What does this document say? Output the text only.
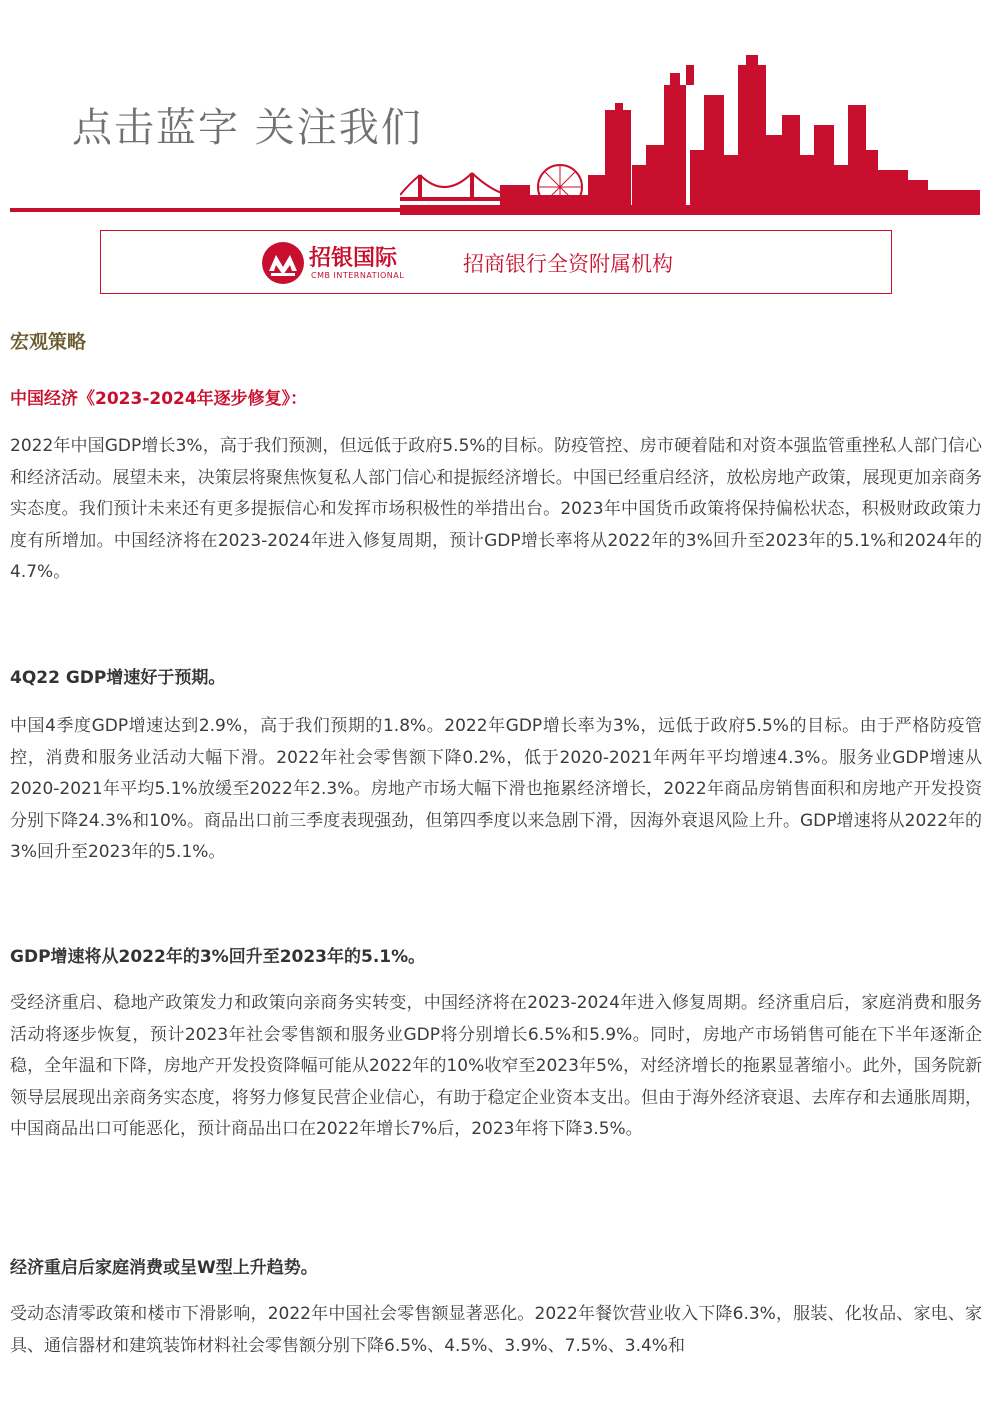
点击蓝字 关注我们
招银国际
CMB INTERNATIONAL	招商银行全资附属机构
宏观策略
中国经济《2023-2024年逐步修复》：

2022年中国GDP增长3%，高于我们预测，但远低于政府5.5%的目标。防疫管控、房市硬着陆和对资本强监管重挫私人部门信心和经济活动。展望未来，决策层将聚焦恢复私人部门信心和提振经济增长。中国已经重启经济，放松房地产政策，展现更加亲商务实态度。我们预计未来还有更多提振信心和发挥市场积极性的举措出台。2023年中国货币政策将保持偏松状态，积极财政政策力度有所增加。中国经济将在2023-2024年进入修复周期，预计GDP增长率将从2022年的3%回升至2023年的5.1%和2024年的4.7%。

4Q22 GDP增速好于预期。

中国4季度GDP增速达到2.9%，高于我们预期的1.8%。2022年GDP增长率为3%，远低于政府5.5%的目标。由于严格防疫管控，消费和服务业活动大幅下滑。2022年社会零售额下降0.2%，低于2020-2021年两年平均增速4.3%。服务业GDP增速从2020-2021年平均5.1%放缓至2022年2.3%。房地产市场大幅下滑也拖累经济增长，2022年商品房销售面积和房地产开发投资分别下降24.3%和10%。商品出口前三季度表现强劲，但第四季度以来急剧下滑，因海外衰退风险上升。GDP增速将从2022年的3%回升至2023年的5.1%。

GDP增速将从2022年的3%回升至2023年的5.1%。

受经济重启、稳地产政策发力和政策向亲商务实转变，中国经济将在2023-2024年进入修复周期。经济重启后，家庭消费和服务活动将逐步恢复，预计2023年社会零售额和服务业GDP将分别增长6.5%和5.9%。同时，房地产市场销售可能在下半年逐渐企稳，全年温和下降，房地产开发投资降幅可能从2022年的10%收窄至2023年5%，对经济增长的拖累显著缩小。此外，国务院新领导层展现出亲商务实态度，将努力修复民营企业信心，有助于稳定企业资本支出。但由于海外经济衰退、去库存和去通胀周期，中国商品出口可能恶化，预计商品出口在2022年增长7%后，2023年将下降3.5%。

经济重启后家庭消费或呈W型上升趋势。

受动态清零政策和楼市下滑影响，2022年中国社会零售额显著恶化。2022年餐饮营业收入下降6.3%，服装、化妆品、家电、家具、通信器材和建筑装饰材料社会零售额分别下降6.5%、4.5%、3.9%、7.5%、3.4%和
